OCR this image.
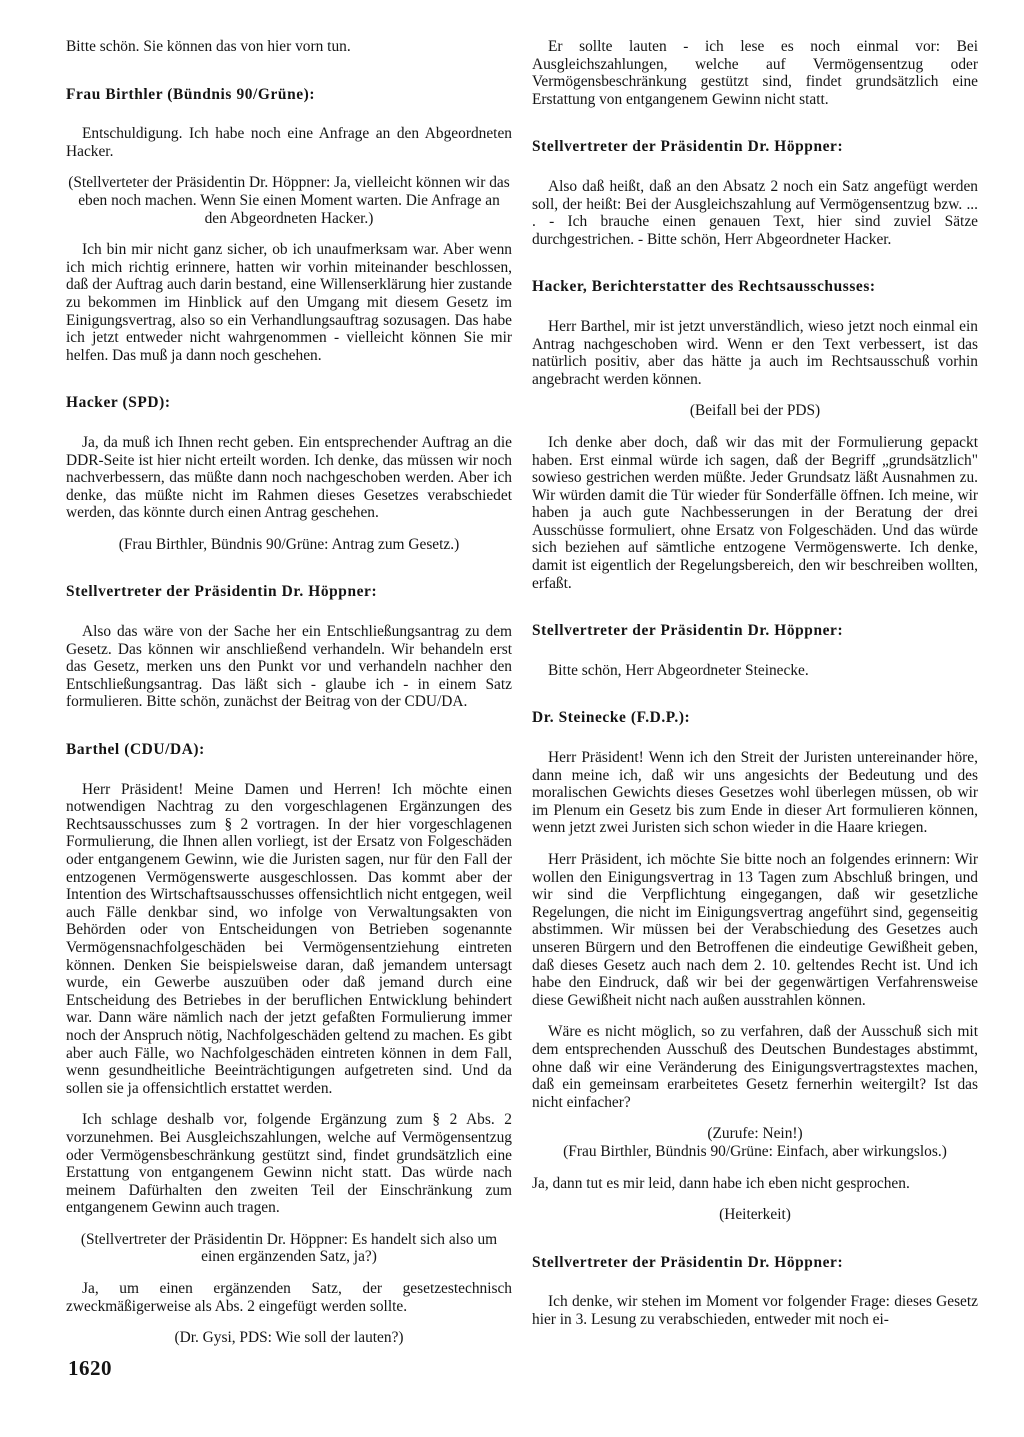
Bitte schön. Sie können das von hier vorn tun.

Frau Birthler (Bündnis 90/Grüne):

Entschuldigung. Ich habe noch eine Anfrage an den Abgeordneten Hacker.

(Stellverteter der Präsidentin Dr. Höppner: Ja, vielleicht können wir das eben noch machen. Wenn Sie einen Moment warten. Die Anfrage an den Abgeordneten Hacker.)

Ich bin mir nicht ganz sicher, ob ich unaufmerksam war. Aber wenn ich mich richtig erinnere, hatten wir vorhin miteinander beschlossen, daß der Auftrag auch darin bestand, eine Willenserklärung hier zustande zu bekommen im Hinblick auf den Umgang mit diesem Gesetz im Einigungsvertrag, also so ein Verhandlungsauftrag sozusagen. Das habe ich jetzt entweder nicht wahrgenommen - vielleicht können Sie mir helfen. Das muß ja dann noch geschehen.

Hacker (SPD):

Ja, da muß ich Ihnen recht geben. Ein entsprechender Auftrag an die DDR-Seite ist hier nicht erteilt worden. Ich denke, das müssen wir noch nachverbessern, das müßte dann noch nachgeschoben werden. Aber ich denke, das müßte nicht im Rahmen dieses Gesetzes verabschiedet werden, das könnte durch einen Antrag geschehen.

(Frau Birthler, Bündnis 90/Grüne: Antrag zum Gesetz.)

Stellvertreter der Präsidentin Dr. Höppner:

Also das wäre von der Sache her ein Entschließungsantrag zu dem Gesetz. Das können wir anschließend verhandeln. Wir behandeln erst das Gesetz, merken uns den Punkt vor und verhandeln nachher den Entschließungsantrag. Das läßt sich - glaube ich - in einem Satz formulieren. Bitte schön, zunächst der Beitrag von der CDU/DA.

Barthel (CDU/DA):

Herr Präsident! Meine Damen und Herren! Ich möchte einen notwendigen Nachtrag zu den vorgeschlagenen Ergänzungen des Rechtsausschusses zum § 2 vortragen. In der hier vorgeschlagenen Formulierung, die Ihnen allen vorliegt, ist der Ersatz von Folgeschäden oder entgangenem Gewinn, wie die Juristen sagen, nur für den Fall der entzogenen Vermögenswerte ausgeschlossen. Das kommt aber der Intention des Wirtschaftsausschusses offensichtlich nicht entgegen, weil auch Fälle denkbar sind, wo infolge von Verwaltungsakten von Behörden oder von Entscheidungen von Betrieben sogenannte Vermögensnachfolgeschäden bei Vermögensentziehung eintreten können. Denken Sie beispielsweise daran, daß jemandem untersagt wurde, ein Gewerbe auszuüben oder daß jemand durch eine Entscheidung des Betriebes in der beruflichen Entwicklung behindert war. Dann wäre nämlich nach der jetzt gefaßten Formulierung immer noch der Anspruch nötig, Nachfolgeschäden geltend zu machen. Es gibt aber auch Fälle, wo Nachfolgeschäden eintreten können in dem Fall, wenn gesundheitliche Beeinträchtigungen aufgetreten sind. Und da sollen sie ja offensichtlich erstattet werden.

Ich schlage deshalb vor, folgende Ergänzung zum § 2 Abs. 2 vorzunehmen. Bei Ausgleichszahlungen, welche auf Vermögensentzug oder Vermögensbeschränkung gestützt sind, findet grundsätzlich eine Erstattung von entgangenem Gewinn nicht statt. Das würde nach meinem Dafürhalten den zweiten Teil der Einschränkung zum entgangenem Gewinn auch tragen.

(Stellvertreter der Präsidentin Dr. Höppner: Es handelt sich also um einen ergänzenden Satz, ja?)

Ja, um einen ergänzenden Satz, der gesetzestechnisch zweckmäßigerweise als Abs. 2 eingefügt werden sollte.

(Dr. Gysi, PDS: Wie soll der lauten?)

Er sollte lauten - ich lese es noch einmal vor: Bei Ausgleichszahlungen, welche auf Vermögensentzug oder Vermögensbeschränkung gestützt sind, findet grundsätzlich eine Erstattung von entgangenem Gewinn nicht statt.

Stellvertreter der Präsidentin Dr. Höppner:

Also daß heißt, daß an den Absatz 2 noch ein Satz angefügt werden soll, der heißt: Bei der Ausgleichszahlung auf Vermögensentzug bzw. ... . - Ich brauche einen genauen Text, hier sind zuviel Sätze durchgestrichen. - Bitte schön, Herr Abgeordneter Hacker.

Hacker, Berichterstatter des Rechtsausschusses:

Herr Barthel, mir ist jetzt unverständlich, wieso jetzt noch einmal ein Antrag nachgeschoben wird. Wenn er den Text verbessert, ist das natürlich positiv, aber das hätte ja auch im Rechtsausschuß vorhin angebracht werden können.

(Beifall bei der PDS)

Ich denke aber doch, daß wir das mit der Formulierung gepackt haben. Erst einmal würde ich sagen, daß der Begriff „grundsätzlich" sowieso gestrichen werden müßte. Jeder Grundsatz läßt Ausnahmen zu. Wir würden damit die Tür wieder für Sonderfälle öffnen. Ich meine, wir haben ja auch gute Nachbesserungen in der Beratung der drei Ausschüsse formuliert, ohne Ersatz von Folgeschäden. Und das würde sich beziehen auf sämtliche entzogene Vermögenswerte. Ich denke, damit ist eigentlich der Regelungsbereich, den wir beschreiben wollten, erfaßt.

Stellvertreter der Präsidentin Dr. Höppner:

Bitte schön, Herr Abgeordneter Steinecke.

Dr. Steinecke (F.D.P.):

Herr Präsident! Wenn ich den Streit der Juristen untereinander höre, dann meine ich, daß wir uns angesichts der Bedeutung und des moralischen Gewichts dieses Gesetzes wohl überlegen müssen, ob wir im Plenum ein Gesetz bis zum Ende in dieser Art formulieren können, wenn jetzt zwei Juristen sich schon wieder in die Haare kriegen.

Herr Präsident, ich möchte Sie bitte noch an folgendes erinnern: Wir wollen den Einigungsvertrag in 13 Tagen zum Abschluß bringen, und wir sind die Verpflichtung eingegangen, daß wir gesetzliche Regelungen, die nicht im Einigungsvertrag angeführt sind, gegenseitig abstimmen. Wir müssen bei der Verabschiedung des Gesetzes auch unseren Bürgern und den Betroffenen die eindeutige Gewißheit geben, daß dieses Gesetz auch nach dem 2. 10. geltendes Recht ist. Und ich habe den Eindruck, daß wir bei der gegenwärtigen Verfahrensweise diese Gewißheit nicht nach außen ausstrahlen können.

Wäre es nicht möglich, so zu verfahren, daß der Ausschuß sich mit dem entsprechenden Ausschuß des Deutschen Bundestages abstimmt, ohne daß wir eine Veränderung des Einigungsvertragstextes machen, daß ein gemeinsam erarbeitetes Gesetz fernerhin weitergilt? Ist das nicht einfacher?

(Zurufe: Nein!)

(Frau Birthler, Bündnis 90/Grüne: Einfach, aber wirkungslos.)

Ja, dann tut es mir leid, dann habe ich eben nicht gesprochen.

(Heiterkeit)

Stellvertreter der Präsidentin Dr. Höppner:

Ich denke, wir stehen im Moment vor folgender Frage: dieses Gesetz hier in 3. Lesung zu verabschieden, entweder mit noch ei-

1620
